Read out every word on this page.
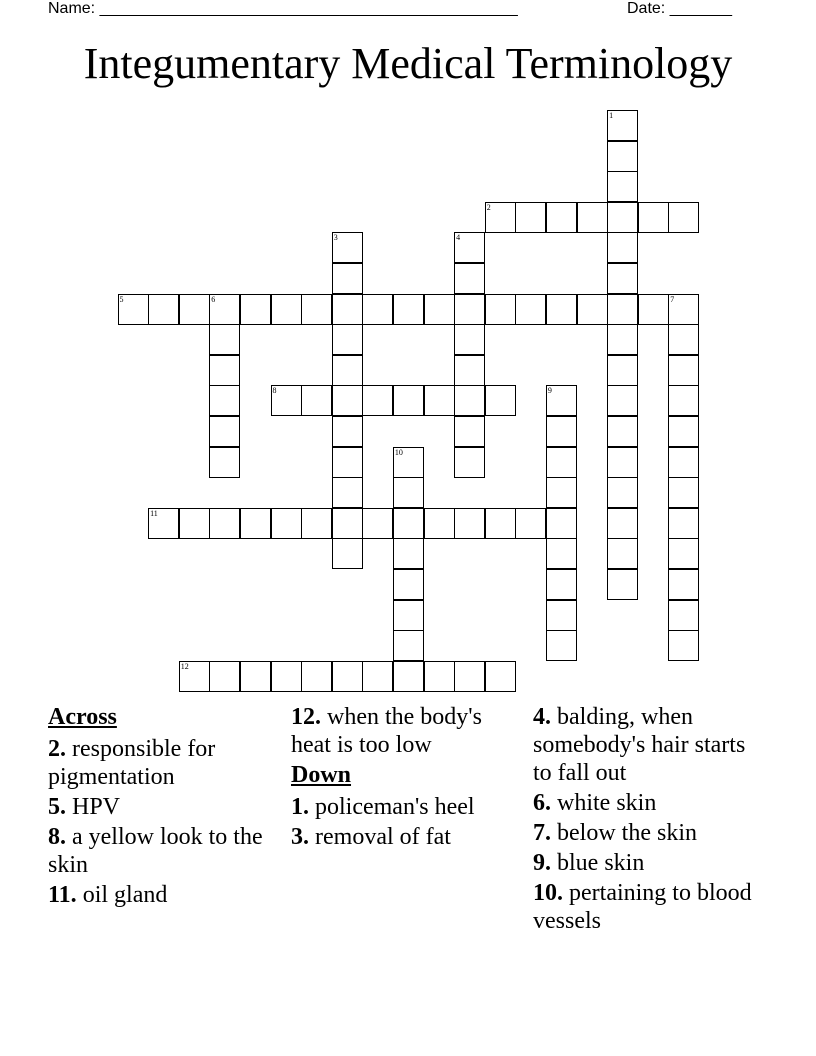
Name: _______________________________________________	Date: _______
Integumentary Medical Terminology
1
2
3	4
5	6	7
8	9
10
11
12
Across
2. responsible for pigmentation
5. HPV
8. a yellow look to the skin
11. oil gland
12. when the body's heat is too low
Down
1. policeman's heel
3. removal of fat
4. balding, when somebody's hair starts to fall out
6. white skin
7. below the skin
9. blue skin
10. pertaining to blood vessels
